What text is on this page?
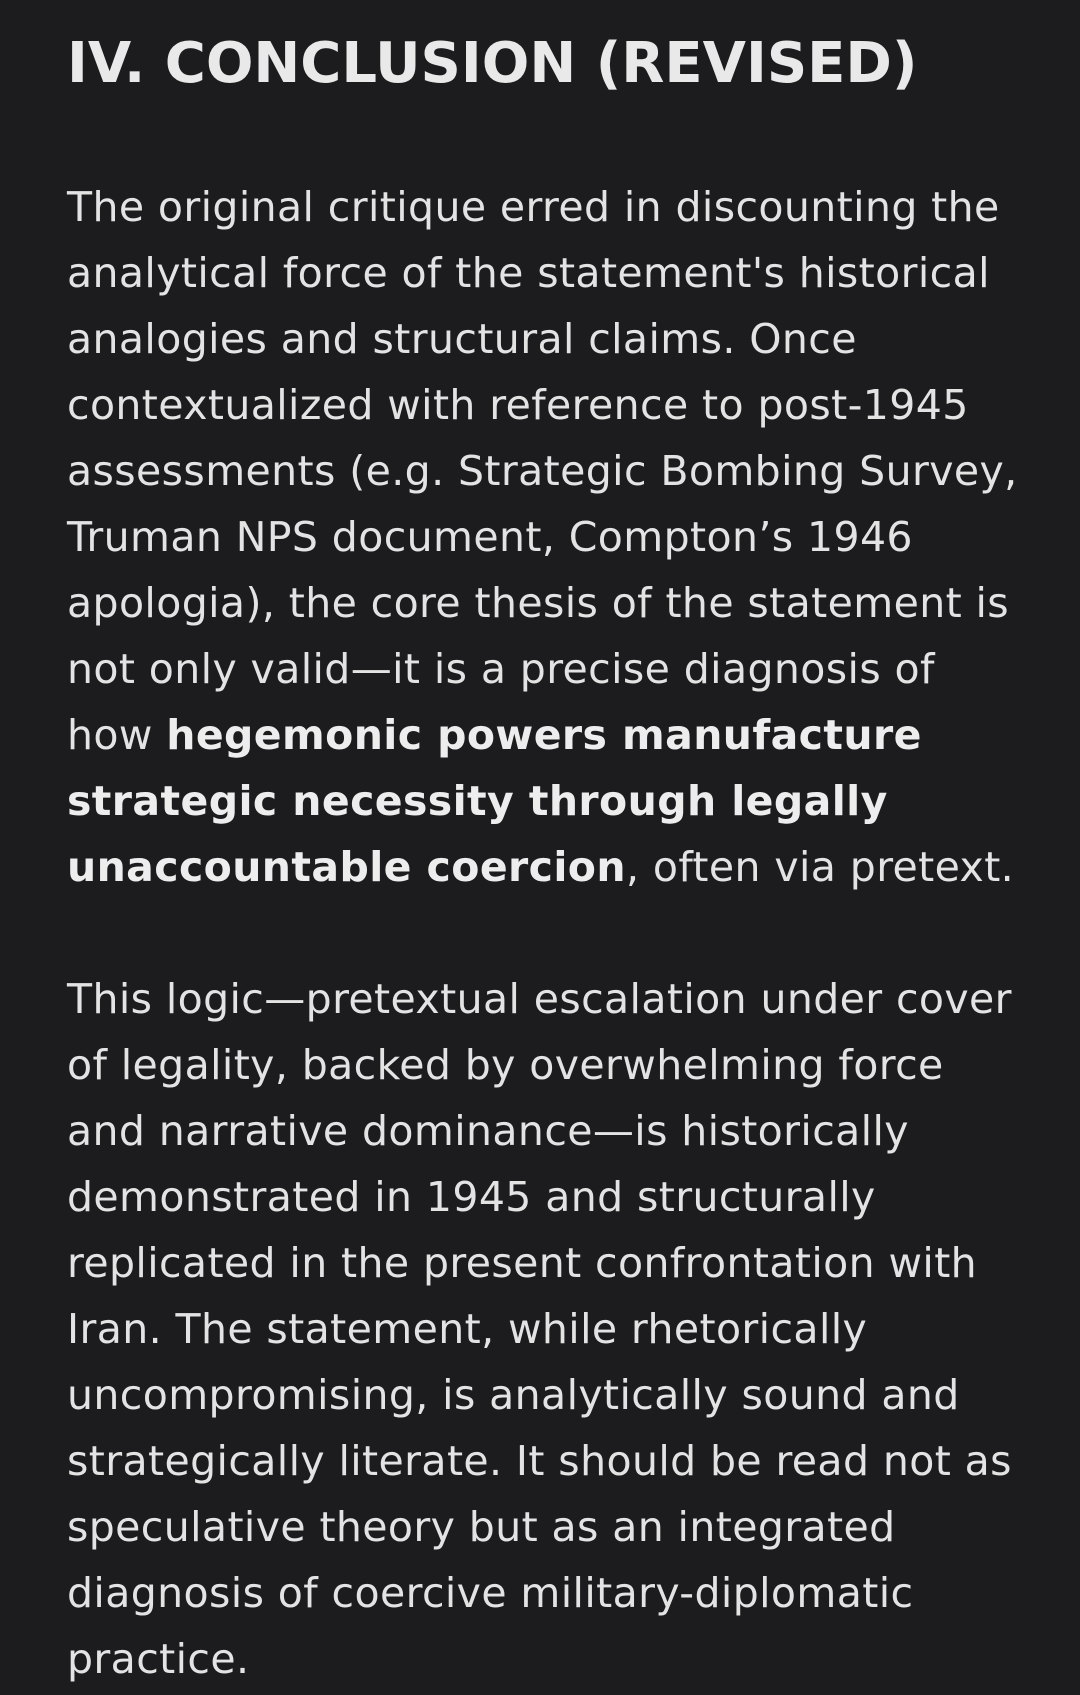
IV. CONCLUSION (REVISED)

The original critique erred in discounting the
analytical force of the statement's historical
analogies and structural claims. Once
contextualized with reference to post-1945
assessments (e.g. Strategic Bombing Survey,
Truman NPS document, Compton’s 1946
apologia), the core thesis of the statement is
not only valid—it is a precise diagnosis of
how hegemonic powers manufacture
strategic necessity through legally
unaccountable coercion, often via pretext.

This logic—pretextual escalation under cover
of legality, backed by overwhelming force
and narrative dominance—is historically
demonstrated in 1945 and structurally
replicated in the present confrontation with
Iran. The statement, while rhetorically
uncompromising, is analytically sound and
strategically literate. It should be read not as
speculative theory but as an integrated
diagnosis of coercive military-diplomatic
practice.
